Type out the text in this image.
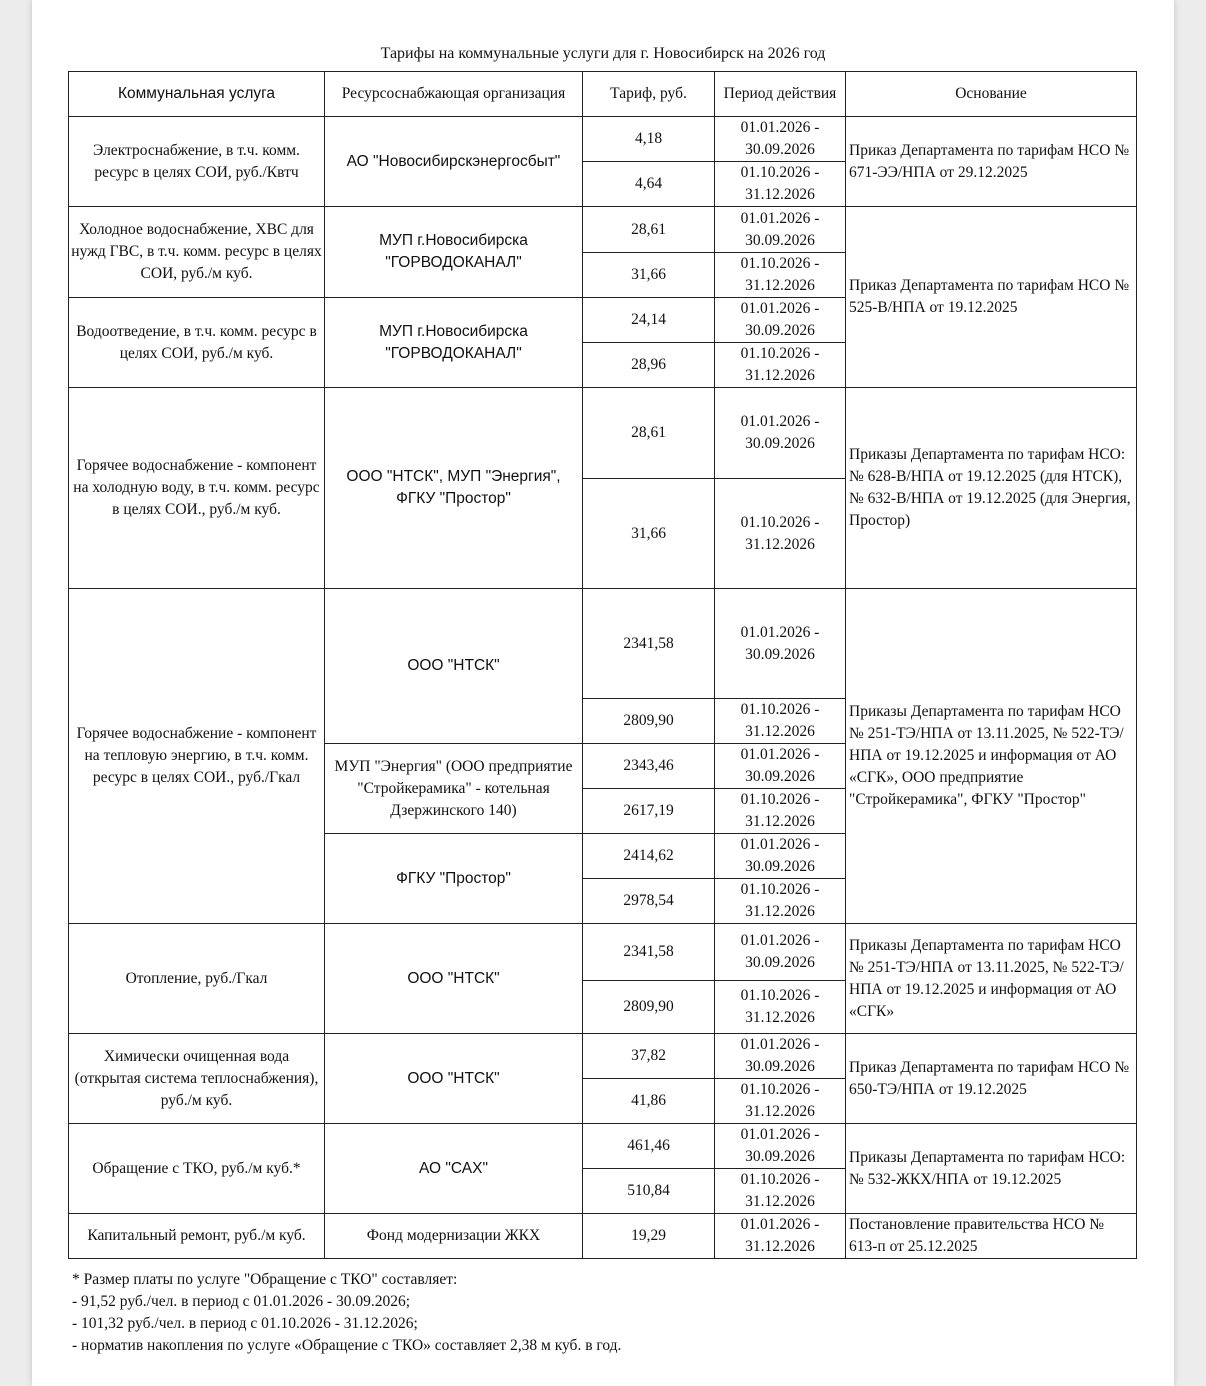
Тарифы на коммунальные услуги для г. Новосибирск на 2026 год
Коммунальная услуга	Ресурсоснабжающая организация	Тариф, руб.	Период действия	Основание
Электроснабжение, в т.ч. комм. ресурс в целях СОИ, руб./Квтч	АО "Новосибирскэнергосбыт"	4,18	01.01.2026 - 30.09.2026	Приказ Департамента по тарифам НСО № 671-ЭЭ/НПА от 29.12.2025
		4,64	01.10.2026 - 31.12.2026	
Холодное водоснабжение, ХВС для нужд ГВС, в т.ч. комм. ресурс в целях СОИ, руб./м куб.	МУП г.Новосибирска "ГОРВОДОКАНАЛ"	28,61	01.01.2026 - 30.09.2026	Приказ Департамента по тарифам НСО № 525-В/НПА от 19.12.2025
		31,66	01.10.2026 - 31.12.2026	
Водоотведение, в т.ч. комм. ресурс в целях СОИ, руб./м куб.	МУП г.Новосибирска "ГОРВОДОКАНАЛ"	24,14	01.01.2026 - 30.09.2026	
		28,96	01.10.2026 - 31.12.2026	
Горячее водоснабжение - компонент на холодную воду, в т.ч. комм. ресурс в целях СОИ., руб./м куб.	ООО "НТСК", МУП "Энергия", ФГКУ "Простор"	28,61	01.01.2026 - 30.09.2026	Приказы Департамента по тарифам НСО: № 628-В/НПА от 19.12.2025 (для НТСК), № 632-В/НПА от 19.12.2025 (для Энергия, Простор)
		31,66	01.10.2026 - 31.12.2026	
Горячее водоснабжение - компонент на тепловую энергию, в т.ч. комм. ресурс в целях СОИ., руб./Гкал	ООО "НТСК"	2341,58	01.01.2026 - 30.09.2026	Приказы Департамента по тарифам НСО № 251-ТЭ/НПА от 13.11.2025, № 522-ТЭ/НПА от 19.12.2025 и информация от АО «СГК», ООО предприятие "Стройкерамика", ФГКУ "Простор"
		2809,90	01.10.2026 - 31.12.2026	
	МУП "Энергия" (ООО предприятие "Стройкерамика" - котельная Дзержинского 140)	2343,46	01.01.2026 - 30.09.2026	
		2617,19	01.10.2026 - 31.12.2026	
	ФГКУ "Простор"	2414,62	01.01.2026 - 30.09.2026	
		2978,54	01.10.2026 - 31.12.2026	
Отопление, руб./Гкал	ООО "НТСК"	2341,58	01.01.2026 - 30.09.2026	Приказы Департамента по тарифам НСО № 251-ТЭ/НПА от 13.11.2025, № 522-ТЭ/НПА от 19.12.2025 и информация от АО «СГК»
		2809,90	01.10.2026 - 31.12.2026	
Химически очищенная вода (открытая система теплоснабжения), руб./м куб.	ООО "НТСК"	37,82	01.01.2026 - 30.09.2026	Приказ Департамента по тарифам НСО № 650-ТЭ/НПА от 19.12.2025
		41,86	01.10.2026 - 31.12.2026	
Обращение с ТКО, руб./м куб.*	АО "САХ"	461,46	01.01.2026 - 30.09.2026	Приказы Департамента по тарифам НСО: № 532-ЖКХ/НПА от 19.12.2025
		510,84	01.10.2026 - 31.12.2026	
Капитальный ремонт, руб./м куб.	Фонд модернизации ЖКХ	19,29	01.01.2026 - 31.12.2026	Постановление правительства НСО № 613-п от 25.12.2025
* Размер платы по услуге "Обращение с ТКО" составляет:
- 91,52 руб./чел. в период с 01.01.2026 - 30.09.2026;
- 101,32 руб./чел. в период с 01.10.2026 - 31.12.2026;
- норматив накопления по услуге «Обращение с ТКО» составляет 2,38 м куб. в год.
